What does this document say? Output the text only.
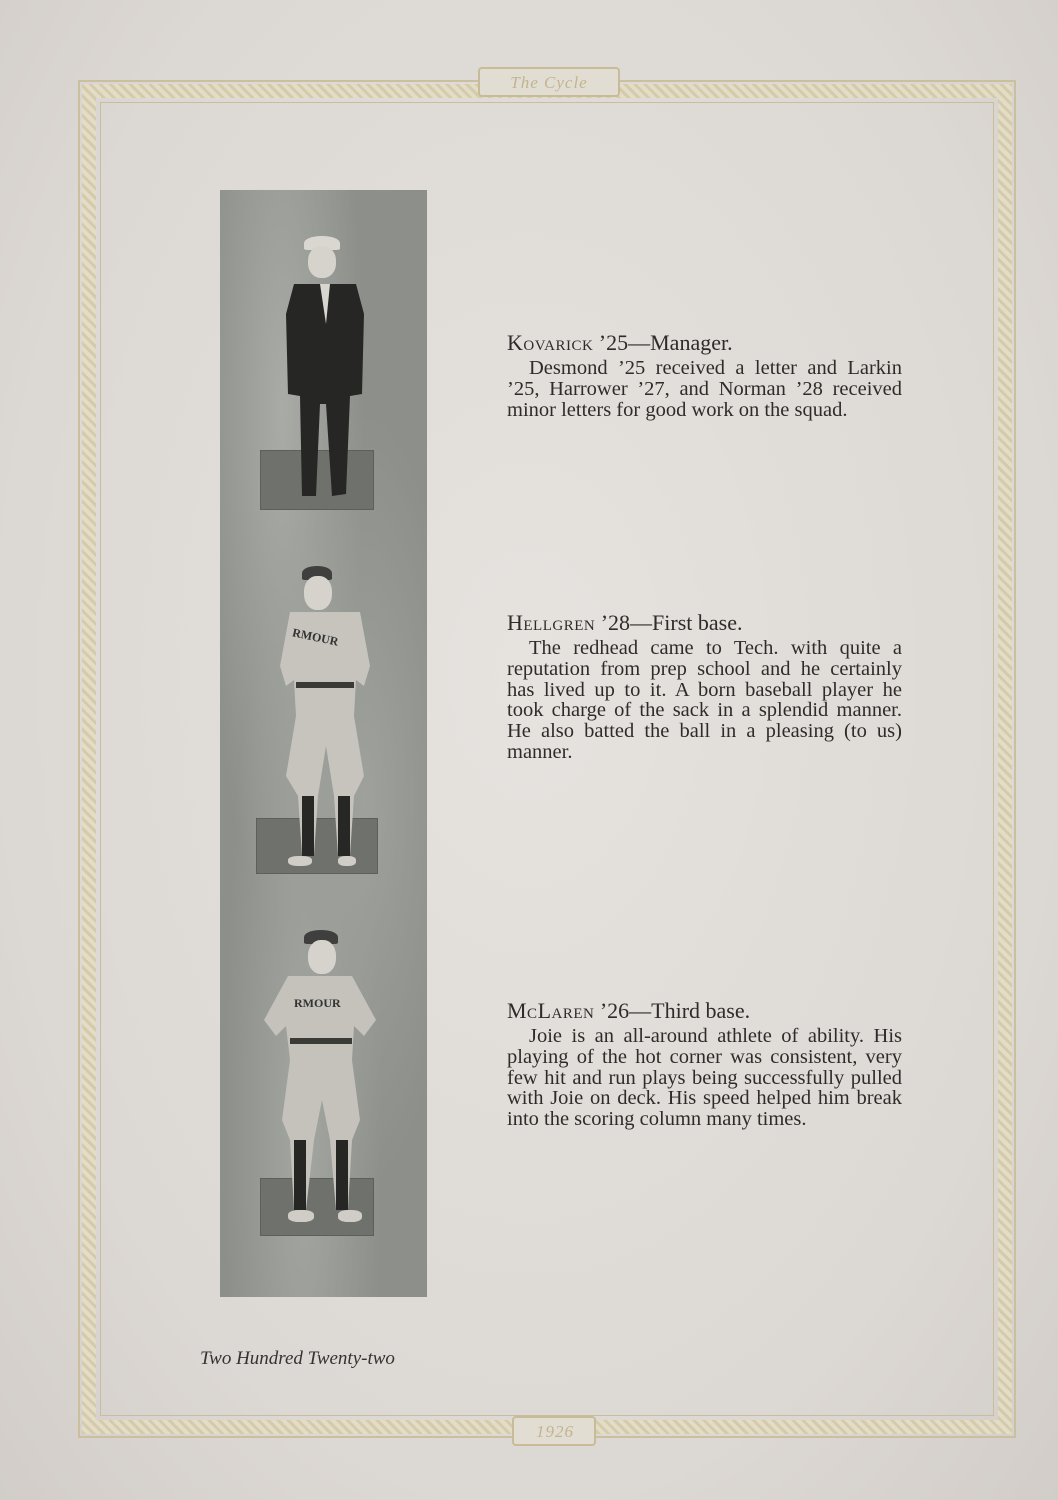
The Cycle
1926
RMOUR
RMOUR

Kovarick ’25—Manager.

Desmond ’25 received a letter and Larkin ’25, Harrower ’27, and Norman ’28 received minor letters for good work on the squad.

Hellgren ’28—First base.

The redhead came to Tech. with quite a reputation from prep school and he certainly has lived up to it. A born baseball player he took charge of the sack in a splendid manner. He also batted the ball in a pleasing (to us) manner.

McLaren ’26—Third base.

Joie is an all-around athlete of ability. His playing of the hot corner was consistent, very few hit and run plays being successfully pulled with Joie on deck. His speed helped him break into the scoring column many times.

Two Hundred Twenty-two
